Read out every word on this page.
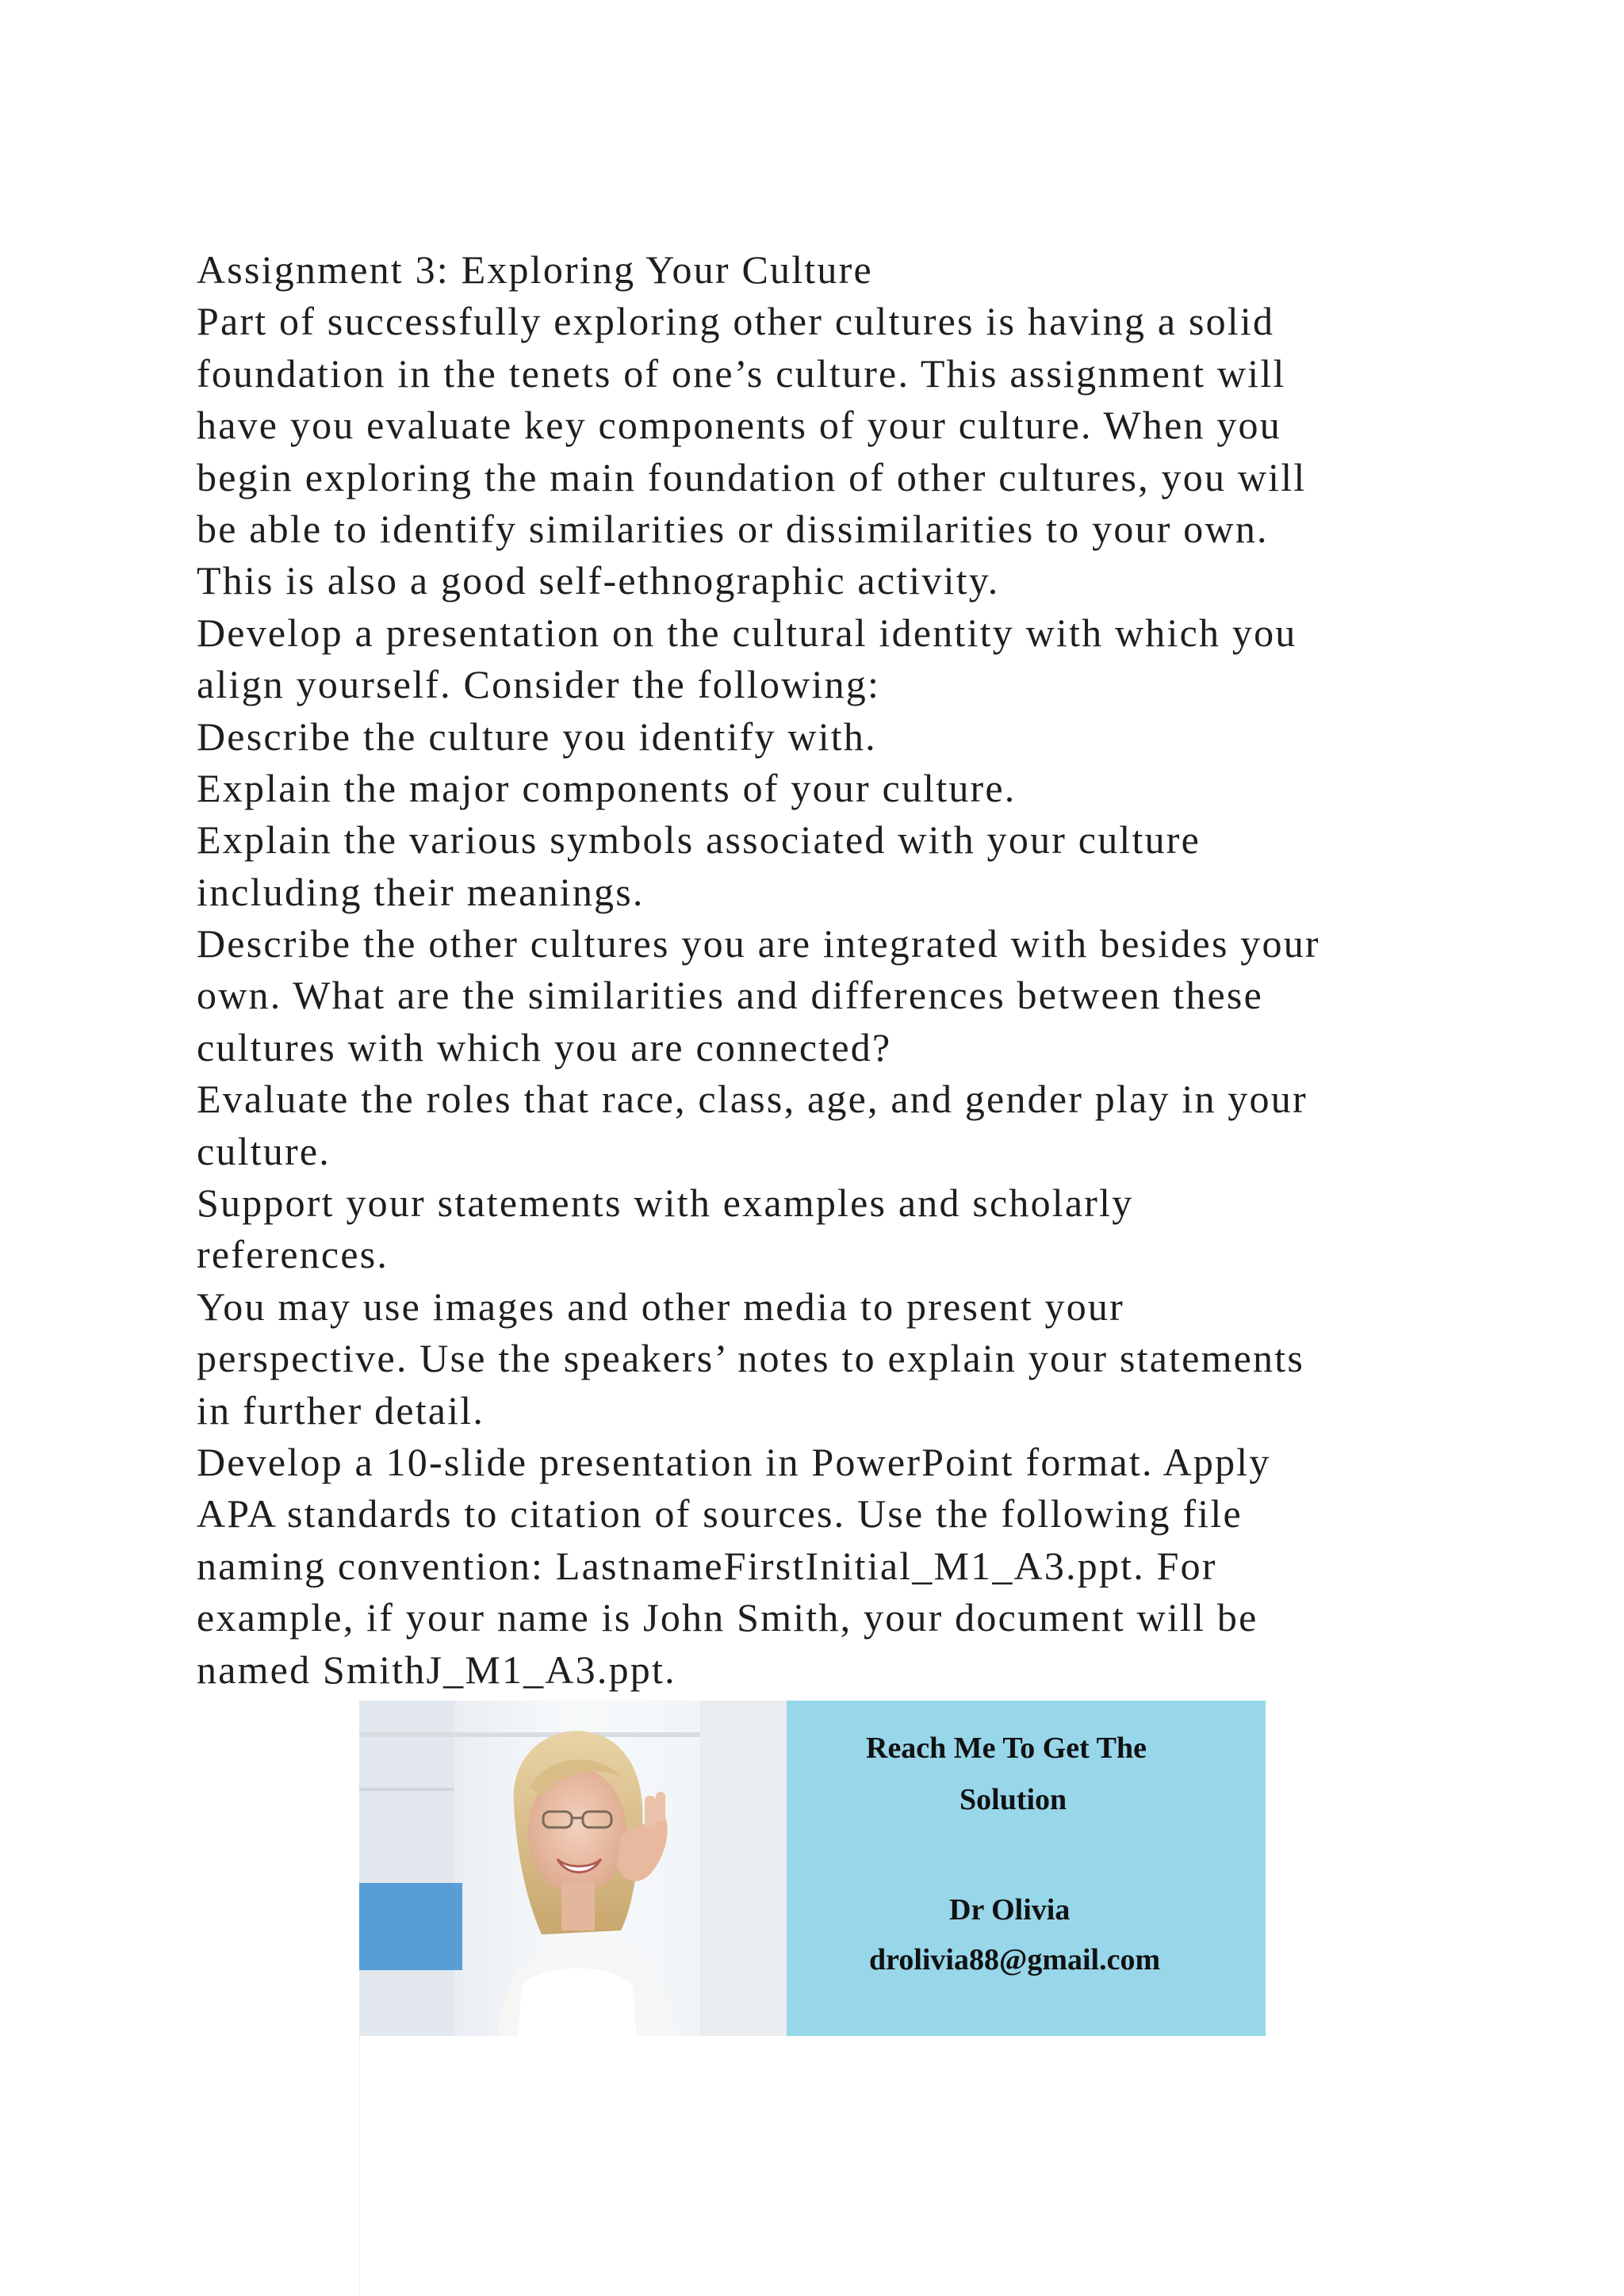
Assignment 3: Exploring Your Culture
Part of successfully exploring other cultures is having a solid
foundation in the tenets of one’s culture. This assignment will
have you evaluate key components of your culture. When you
begin exploring the main foundation of other cultures, you will
be able to identify similarities or dissimilarities to your own.
This is also a good self-ethnographic activity.
Develop a presentation on the cultural identity with which you
align yourself. Consider the following:
Describe the culture you identify with.
Explain the major components of your culture.
Explain the various symbols associated with your culture
including their meanings.
Describe the other cultures you are integrated with besides your
own. What are the similarities and differences between these
cultures with which you are connected?
Evaluate the roles that race, class, age, and gender play in your
culture.
Support your statements with examples and scholarly
references.
You may use images and other media to present your
perspective. Use the speakers’ notes to explain your statements
in further detail.
Develop a 10-slide presentation in PowerPoint format. Apply
APA standards to citation of sources. Use the following file
naming convention: LastnameFirstInitial_M1_A3.ppt. For
example, if your name is John Smith, your document will be
named SmithJ_M1_A3.ppt.
Reach Me To Get The
Solution
Dr Olivia
drolivia88@gmail.com
